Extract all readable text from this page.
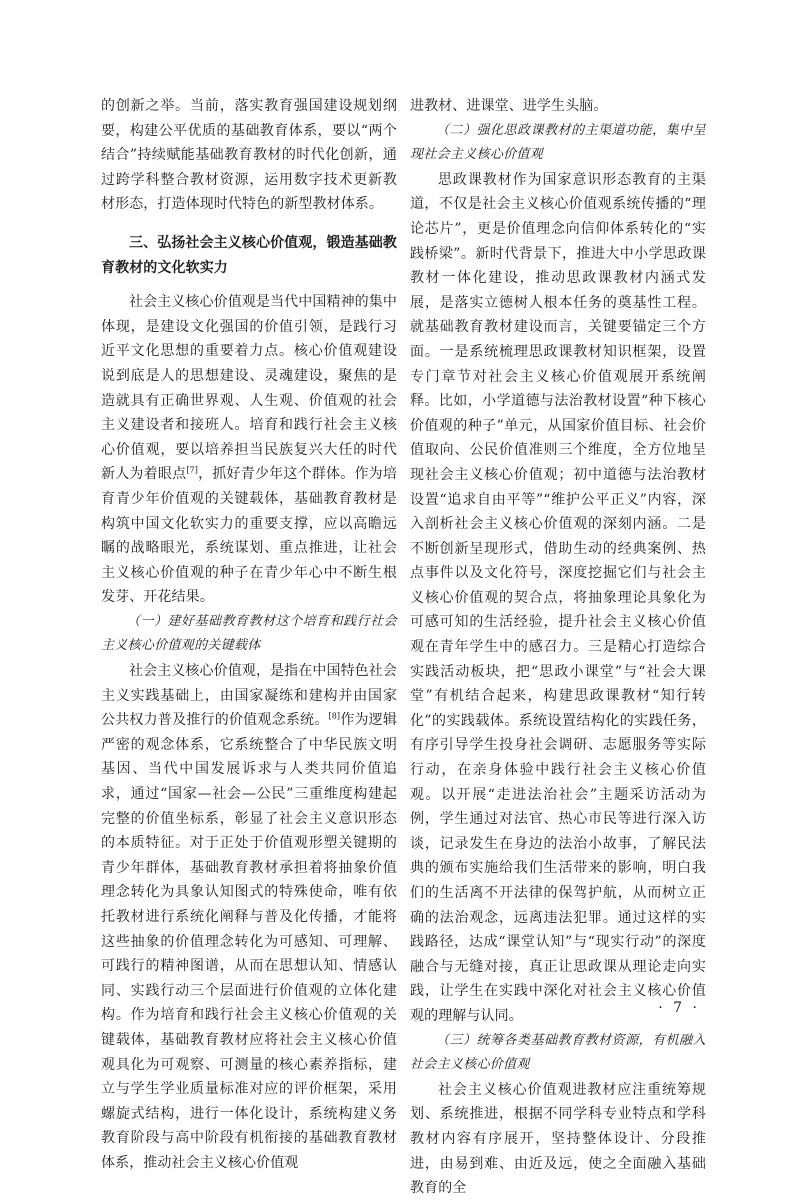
的创新之举。当前，落实教育强国建设规划纲要，构建公平优质的基础教育体系，要以“两个结合”持续赋能基础教育教材的时代化创新，通过跨学科整合教材资源，运用数字技术更新教材形态，打造体现时代特色的新型教材体系。

三、弘扬社会主义核心价值观，锻造基础教育教材的文化软实力

社会主义核心价值观是当代中国精神的集中体现，是建设文化强国的价值引领，是践行习近平文化思想的重要着力点。核心价值观建设说到底是人的思想建设、灵魂建设，聚焦的是造就具有正确世界观、人生观、价值观的社会主义建设者和接班人。培育和践行社会主义核心价值观，要以培养担当民族复兴大任的时代新人为着眼点[7]，抓好青少年这个群体。作为培育青少年价值观的关键载体，基础教育教材是构筑中国文化软实力的重要支撑，应以高瞻远瞩的战略眼光，系统谋划、重点推进，让社会主义核心价值观的种子在青少年心中不断生根发芽、开花结果。

（一）建好基础教育教材这个培育和践行社会主义核心价值观的关键载体

社会主义核心价值观，是指在中国特色社会主义实践基础上，由国家凝练和建构并由国家公共权力普及推行的价值观念系统。[8]作为逻辑严密的观念体系，它系统整合了中华民族文明基因、当代中国发展诉求与人类共同价值追求，通过“国家—社会—公民”三重维度构建起完整的价值坐标系，彰显了社会主义意识形态的本质特征。对于正处于价值观形塑关键期的青少年群体，基础教育教材承担着将抽象价值理念转化为具象认知图式的特殊使命，唯有依托教材进行系统化阐释与普及化传播，才能将这些抽象的价值理念转化为可感知、可理解、可践行的精神图谱，从而在思想认知、情感认同、实践行动三个层面进行价值观的立体化建构。作为培育和践行社会主义核心价值观的关键载体，基础教育教材应将社会主义核心价值观具化为可观察、可测量的核心素养指标，建立与学生学业质量标准对应的评价框架，采用螺旋式结构，进行一体化设计，系统构建义务教育阶段与高中阶段有机衔接的基础教育教材体系，推动社会主义核心价值观

进教材、进课堂、进学生头脑。

（二）强化思政课教材的主渠道功能，集中呈现社会主义核心价值观

思政课教材作为国家意识形态教育的主渠道，不仅是社会主义核心价值观系统传播的“理论芯片”，更是价值理念向信仰体系转化的“实践桥梁”。新时代背景下，推进大中小学思政课教材一体化建设，推动思政课教材内涵式发展，是落实立德树人根本任务的奠基性工程。就基础教育教材建设而言，关键要锚定三个方面。一是系统梳理思政课教材知识框架，设置专门章节对社会主义核心价值观展开系统阐释。比如，小学道德与法治教材设置“种下核心价值观的种子”单元，从国家价值目标、社会价值取向、公民价值准则三个维度，全方位地呈现社会主义核心价值观；初中道德与法治教材设置“追求自由平等”“维护公平正义”内容，深入剖析社会主义核心价值观的深刻内涵。二是不断创新呈现形式，借助生动的经典案例、热点事件以及文化符号，深度挖掘它们与社会主义核心价值观的契合点，将抽象理论具象化为可感可知的生活经验，提升社会主义核心价值观在青年学生中的感召力。三是精心打造综合实践活动板块，把“思政小课堂”与“社会大课堂”有机结合起来，构建思政课教材“知行转化”的实践载体。系统设置结构化的实践任务，有序引导学生投身社会调研、志愿服务等实际行动，在亲身体验中践行社会主义核心价值观。以开展“走进法治社会”主题采访活动为例，学生通过对法官、热心市民等进行深入访谈，记录发生在身边的法治小故事，了解民法典的颁布实施给我们生活带来的影响，明白我们的生活离不开法律的保驾护航，从而树立正确的法治观念，远离违法犯罪。通过这样的实践路径，达成“课堂认知”与“现实行动”的深度融合与无缝对接，真正让思政课从理论走向实践，让学生在实践中深化对社会主义核心价值观的理解与认同。

（三）统筹各类基础教育教材资源，有机融入社会主义核心价值观

社会主义核心价值观进教材应注重统筹规划、系统推进，根据不同学科专业特点和学科教材内容有序展开，坚持整体设计、分段推进，由易到难、由近及远，使之全面融入基础教育的全

· 7 ·
